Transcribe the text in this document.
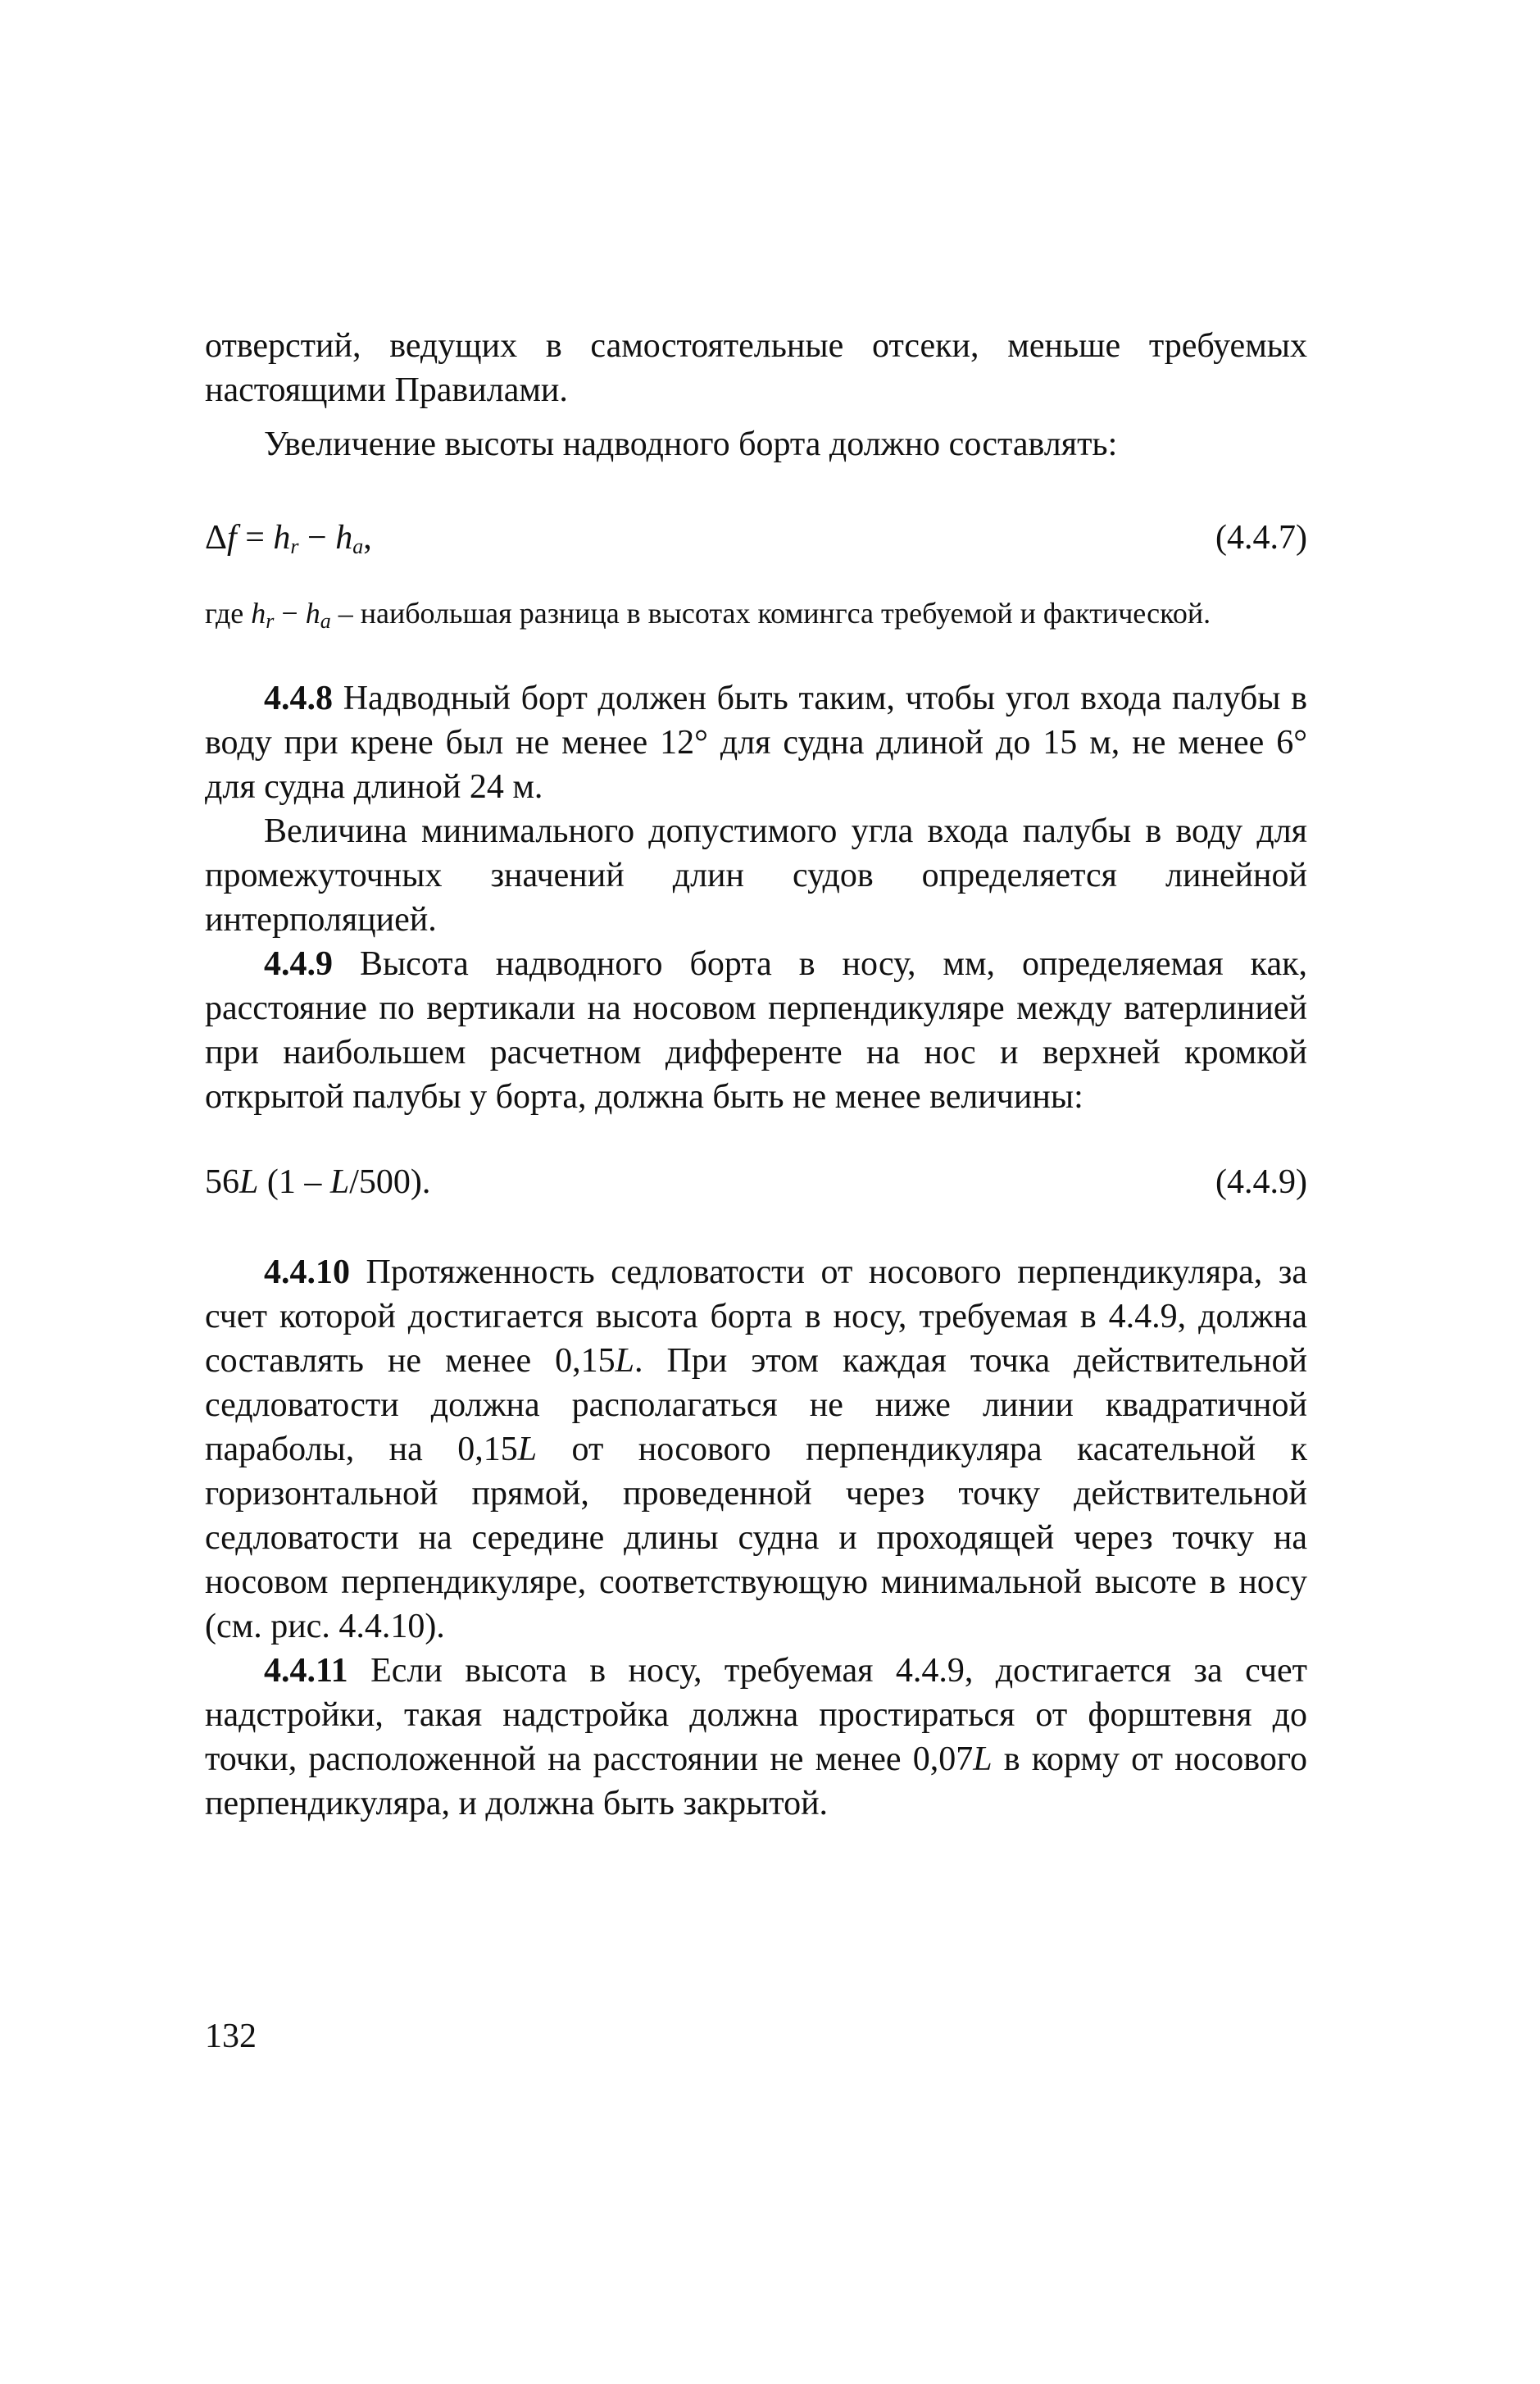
отверстий, ведущих в самостоятельные отсеки, меньше требуемых настоящими Правилами.

Увеличение высоты надводного борта должно составлять:

$\Delta f = h_r - h_a$,	(4.4.7)

где $h_r - h_a$ – наибольшая разница в высотах комингса требуемой и фактической.

4.4.8 Надводный борт должен быть таким, чтобы угол входа палубы в воду при крене был не менее 12° для судна длиной до 15 м, не менее 6° для судна длиной 24 м.

Величина минимального допустимого угла входа палубы в воду для промежуточных значений длин судов определяется линейной интерполяцией.

4.4.9 Высота надводного борта в носу, мм, определяемая как, расстояние по вертикали на носовом перпендикуляре между ватерлинией при наибольшем расчетном дифференте на нос и верхней кромкой открытой палубы у борта, должна быть не менее величины:

56L (1 – L/500).	(4.4.9)

4.4.10 Протяженность седловатости от носового перпендикуляра, за счет которой достигается высота борта в носу, требуемая в 4.4.9, должна составлять не менее 0,15L. При этом каждая точка действительной седловатости должна располагаться не ниже линии квадратичной параболы, на 0,15L от носового перпендикуляра касательной к горизонтальной прямой, проведенной через точку действительной седловатости на середине длины судна и проходящей через точку на носовом перпендикуляре, соответствующую минимальной высоте в носу (см. рис. 4.4.10).

4.4.11 Если высота в носу, требуемая 4.4.9, достигается за счет надстройки, такая надстройка должна простираться от форштевня до точки, расположенной на расстоянии не менее 0,07L в корму от носового перпендикуляра, и должна быть закрытой.

132
